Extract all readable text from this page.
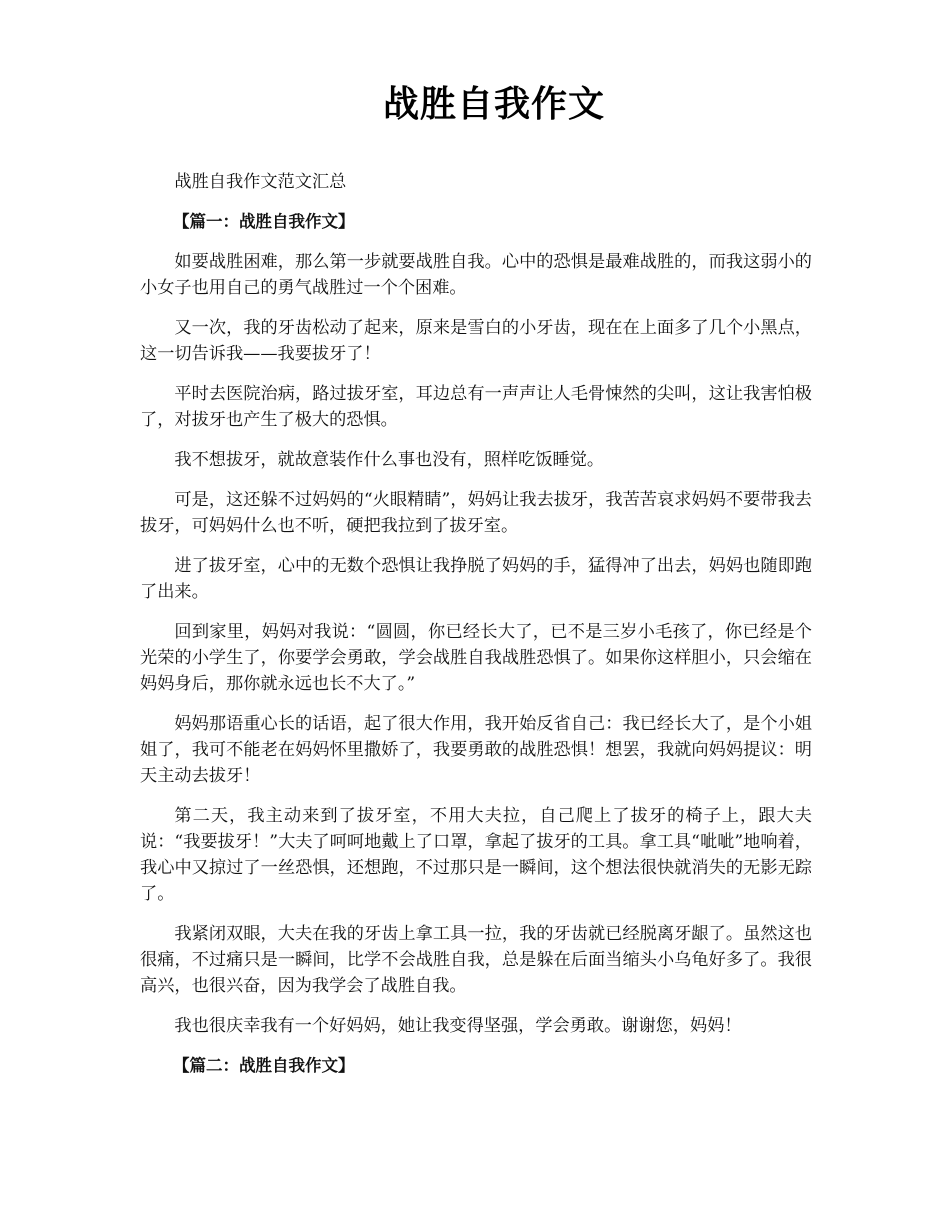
战胜自我作文

战胜自我作文范文汇总

【篇一：战胜自我作文】

如要战胜困难，那么第一步就要战胜自我。心中的恐惧是最难战胜的，而我这弱小的小女子也用自己的勇气战胜过一个个困难。

又一次，我的牙齿松动了起来，原来是雪白的小牙齿，现在在上面多了几个小黑点，这一切告诉我——我要拔牙了！

平时去医院治病，路过拔牙室，耳边总有一声声让人毛骨悚然的尖叫，这让我害怕极了，对拔牙也产生了极大的恐惧。

我不想拔牙，就故意装作什么事也没有，照样吃饭睡觉。

可是，这还躲不过妈妈的“火眼精睛”，妈妈让我去拔牙，我苦苦哀求妈妈不要带我去拔牙，可妈妈什么也不听，硬把我拉到了拔牙室。

进了拔牙室，心中的无数个恐惧让我挣脱了妈妈的手，猛得冲了出去，妈妈也随即跑了出来。

回到家里，妈妈对我说：“圆圆，你已经长大了，已不是三岁小毛孩了，你已经是个光荣的小学生了，你要学会勇敢，学会战胜自我战胜恐惧了。如果你这样胆小，只会缩在妈妈身后，那你就永远也长不大了。”

妈妈那语重心长的话语，起了很大作用，我开始反省自己：我已经长大了，是个小姐姐了，我可不能老在妈妈怀里撒娇了，我要勇敢的战胜恐惧！想罢，我就向妈妈提议：明天主动去拔牙！

第二天，我主动来到了拔牙室，不用大夫拉，自己爬上了拔牙的椅子上，跟大夫说：“我要拔牙！”大夫了呵呵地戴上了口罩，拿起了拔牙的工具。拿工具“呲呲”地响着，我心中又掠过了一丝恐惧，还想跑，不过那只是一瞬间，这个想法很快就消失的无影无踪了。

我紧闭双眼，大夫在我的牙齿上拿工具一拉，我的牙齿就已经脱离牙龈了。虽然这也很痛，不过痛只是一瞬间，比学不会战胜自我，总是躲在后面当缩头小乌龟好多了。我很高兴，也很兴奋，因为我学会了战胜自我。

我也很庆幸我有一个好妈妈，她让我变得坚强，学会勇敢。谢谢您，妈妈！

【篇二：战胜自我作文】
